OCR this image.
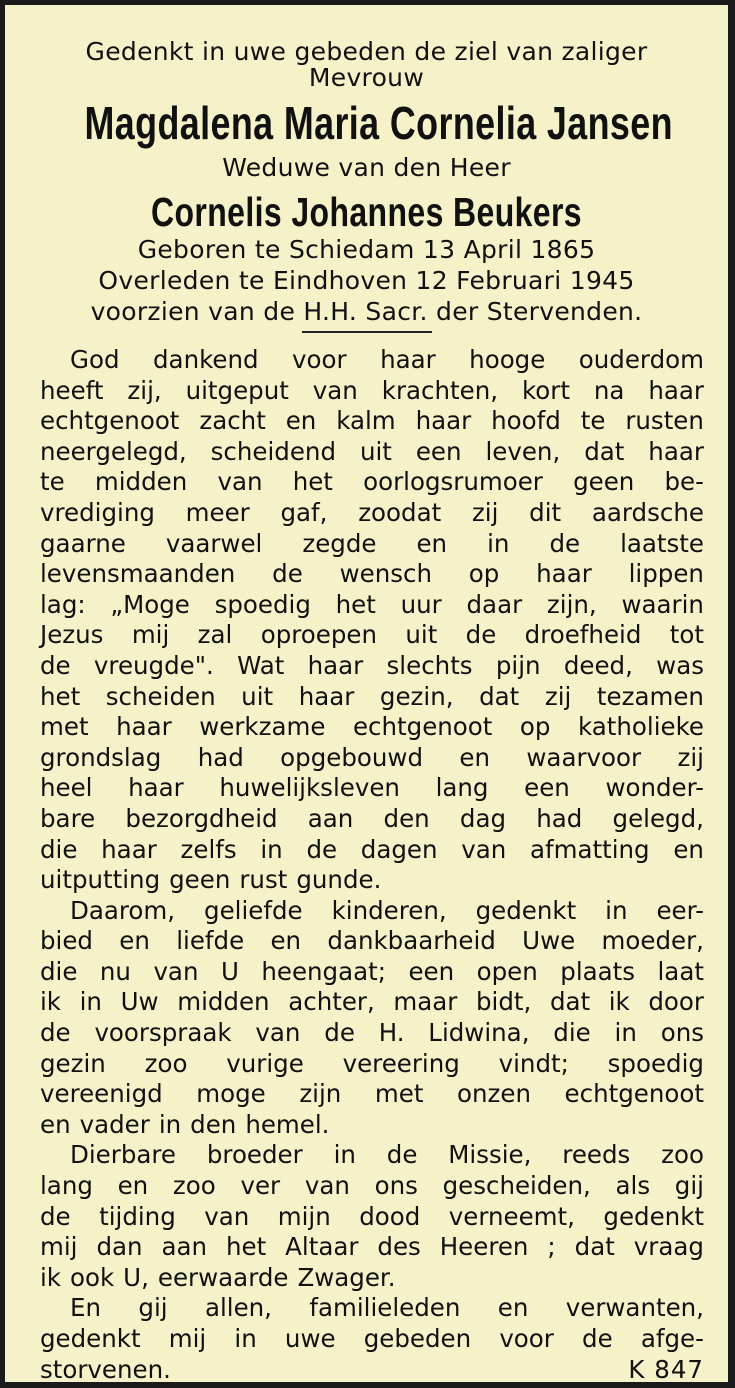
Gedenkt in uwe gebeden de ziel van zaliger
Mevrouw
Magdalena Maria Cornelia Jansen
Weduwe van den Heer
Cornelis Johannes Beukers
Geboren te Schiedam 13 April 1865
Overleden te Eindhoven 12 Februari 1945
voorzien van de H.H. Sacr. der Stervenden.
God dankend voor haar hooge ouderdom
heeft zij, uitgeput van krachten, kort na haar
echtgenoot zacht en kalm haar hoofd te rusten
neergelegd, scheidend uit een leven, dat haar
te midden van het oorlogsrumoer geen be-
vrediging meer gaf, zoodat zij dit aardsche
gaarne vaarwel zegde en in de laatste
levensmaanden de wensch op haar lippen
lag: „Moge spoedig het uur daar zijn, waarin
Jezus mij zal oproepen uit de droefheid tot
de vreugde". Wat haar slechts pijn deed, was
het scheiden uit haar gezin, dat zij tezamen
met haar werkzame echtgenoot op katholieke
grondslag had opgebouwd en waarvoor zij
heel haar huwelijksleven lang een wonder-
bare bezorgdheid aan den dag had gelegd,
die haar zelfs in de dagen van afmatting en
uitputting geen rust gunde.
Daarom, geliefde kinderen, gedenkt in eer-
bied en liefde en dankbaarheid Uwe moeder,
die nu van U heengaat; een open plaats laat
ik in Uw midden achter, maar bidt, dat ik door
de voorspraak van de H. Lidwina, die in ons
gezin zoo vurige vereering vindt; spoedig
vereenigd moge zijn met onzen echtgenoot
en vader in den hemel.
Dierbare broeder in de Missie, reeds zoo
lang en zoo ver van ons gescheiden, als gij
de tijding van mijn dood verneemt, gedenkt
mij dan aan het Altaar des Heeren ; dat vraag
ik ook U, eerwaarde Zwager.
En gij allen, familieleden en verwanten,
gedenkt mij in uwe gebeden voor de afge-
storvenen.	K 847
